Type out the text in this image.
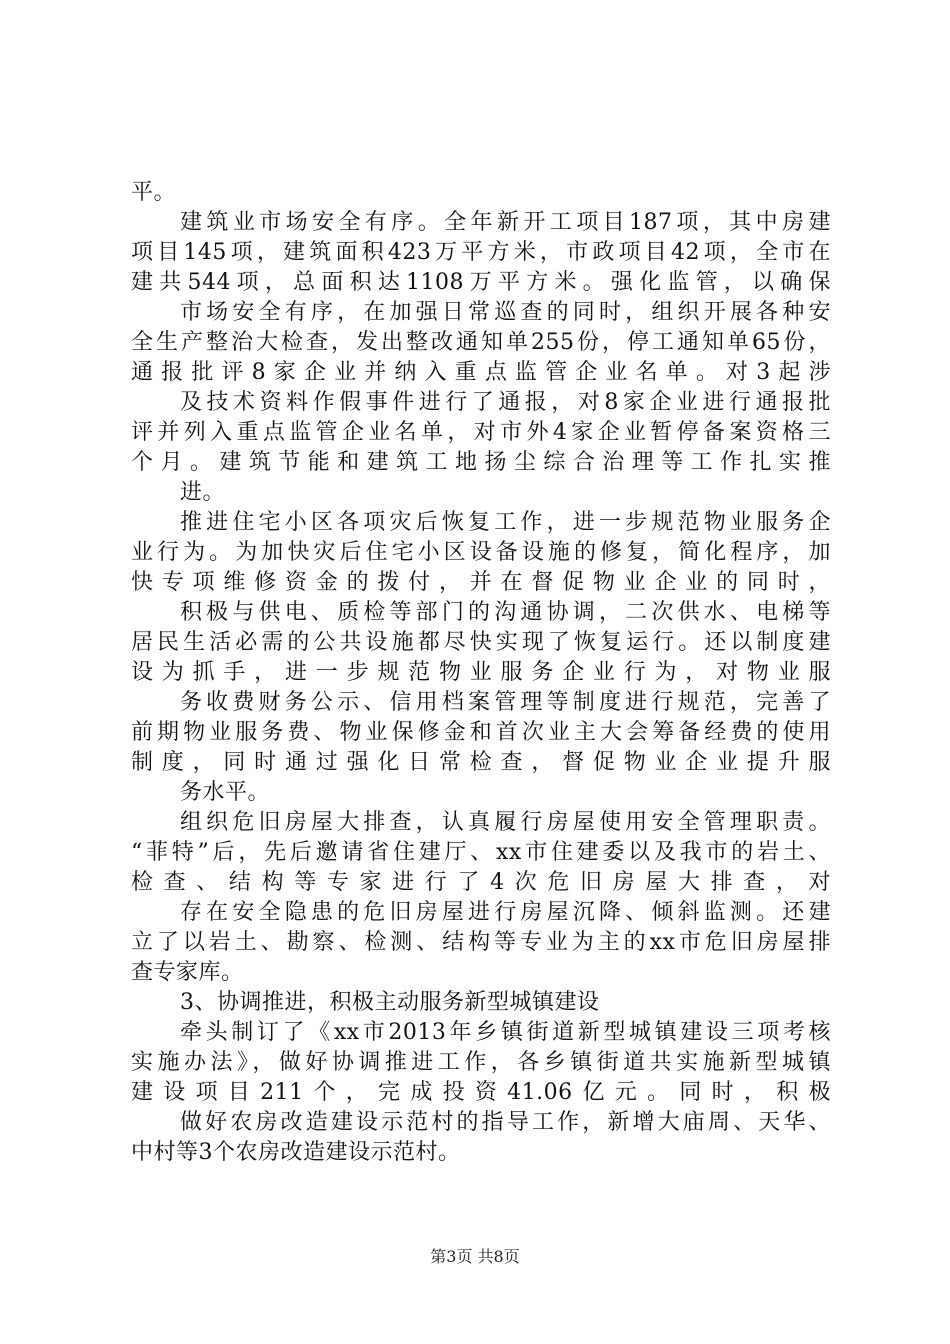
平。
建筑业市场安全有序。全年新开工项目187项，其中房建
项目145项，建筑面积423万平方米，市政项目42项，全市在
建共544项，总面积达1108万平方米。强化监管，以确保
市场安全有序，在加强日常巡查的同时，组织开展各种安
全生产整治大检查，发出整改通知单255份，停工通知单65份，
通报批评8家企业并纳入重点监管企业名单。对3起涉
及技术资料作假事件进行了通报，对8家企业进行通报批
评并列入重点监管企业名单，对市外4家企业暂停备案资格三
个月。建筑节能和建筑工地扬尘综合治理等工作扎实推
进。
推进住宅小区各项灾后恢复工作，进一步规范物业服务企
业行为。为加快灾后住宅小区设备设施的修复，简化程序，加
快专项维修资金的拨付，并在督促物业企业的同时，
积极与供电、质检等部门的沟通协调，二次供水、电梯等
居民生活必需的公共设施都尽快实现了恢复运行。还以制度建
设为抓手，进一步规范物业服务企业行为，对物业服
务收费财务公示、信用档案管理等制度进行规范，完善了
前期物业服务费、物业保修金和首次业主大会筹备经费的使用
制度，同时通过强化日常检查，督促物业企业提升服
务水平。
组织危旧房屋大排查，认真履行房屋使用安全管理职责。
“菲特”后，先后邀请省住建厅、xx市住建委以及我市的岩土、
检查、结构等专家进行了4次危旧房屋大排查，对
存在安全隐患的危旧房屋进行房屋沉降、倾斜监测。还建
立了以岩土、勘察、检测、结构等专业为主的xx市危旧房屋排
查专家库。
3、协调推进，积极主动服务新型城镇建设
牵头制订了《xx市2013年乡镇街道新型城镇建设三项考核
实施办法》，做好协调推进工作，各乡镇街道共实施新型城镇
建设项目211个，完成投资41.06亿元。同时，积极
做好农房改造建设示范村的指导工作，新增大庙周、天华、
中村等3个农房改造建设示范村。
第3页 共8页
